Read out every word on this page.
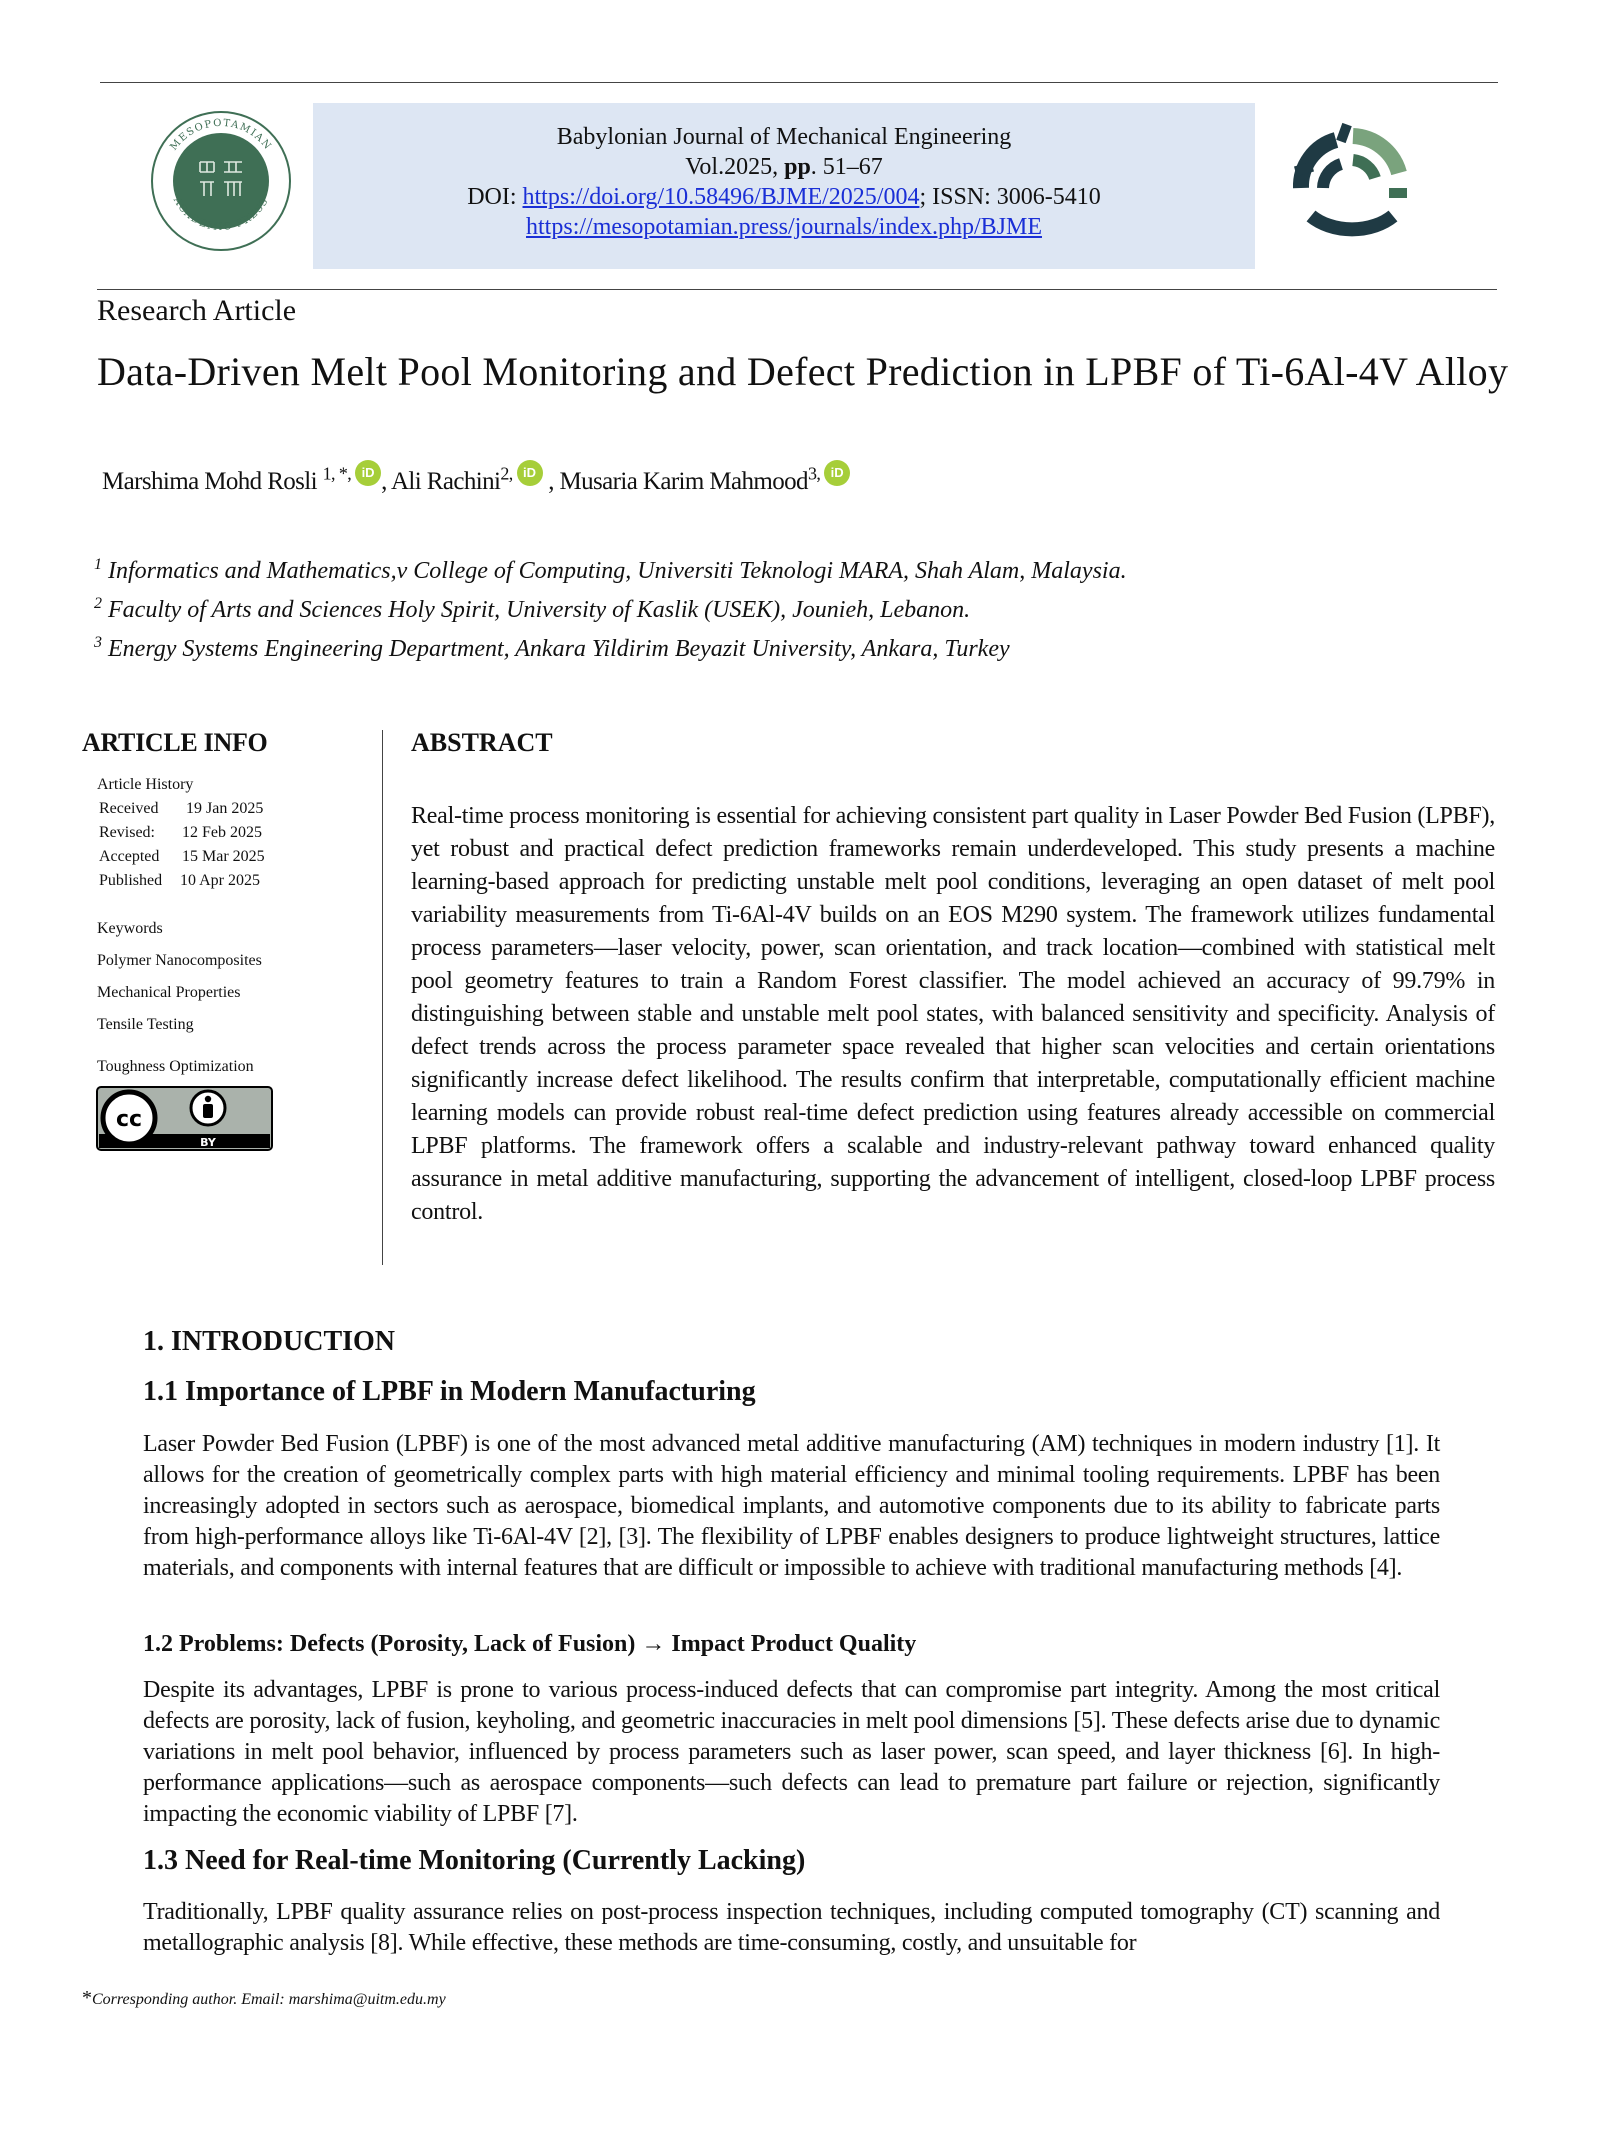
MESOPOTAMIAN
ACADEMIC PRESS
Babylonian Journal of Mechanical Engineering
Vol.2025, pp. 51–67
DOI: https://doi.org/10.58496/BJME/2025/004; ISSN: 3006-5410
https://mesopotamian.press/journals/index.php/BJME
Research Article
Data-Driven Melt Pool Monitoring and Defect Prediction in LPBF of Ti-6Al-4V Alloy
Marshima Mohd Rosli $^{1, *,}$ iD , Ali Rachini$^{2,}$ iD , Musaria Karim Mahmood$^{3,}$ iD
$^1$ Informatics and Mathematics,v College of Computing, Universiti Teknologi MARA, Shah Alam, Malaysia.
$^2$ Faculty of Arts and Sciences Holy Spirit, University of Kaslik (USEK), Jounieh, Lebanon.
$^3$ Energy Systems Engineering Department, Ankara Yildirim Beyazit University, Ankara, Turkey
ARTICLE INFO
Article History
Received 19 Jan 2025
Revised: 12 Feb 2025
Accepted 15 Mar 2025
Published 10 Apr 2025
Keywords
Polymer Nanocomposites
Mechanical Properties
Tensile Testing
Toughness Optimization
cc
BY
ABSTRACT
Real-time process monitoring is essential for achieving consistent part quality in Laser Powder Bed Fusion (LPBF), yet robust and practical defect prediction frameworks remain underdeveloped. This study presents a machine learning-based approach for predicting unstable melt pool conditions, leveraging an open dataset of melt pool variability measurements from Ti-6Al-4V builds on an EOS M290 system. The framework utilizes fundamental process parameters—laser velocity, power, scan orientation, and track location—combined with statistical melt pool geometry features to train a Random Forest classifier. The model achieved an accuracy of 99.79% in distinguishing between stable and unstable melt pool states, with balanced sensitivity and specificity. Analysis of defect trends across the process parameter space revealed that higher scan velocities and certain orientations significantly increase defect likelihood. The results confirm that interpretable, computationally efficient machine learning models can provide robust real-time defect prediction using features already accessible on commercial LPBF platforms. The framework offers a scalable and industry-relevant pathway toward enhanced quality assurance in metal additive manufacturing, supporting the advancement of intelligent, closed-loop LPBF process control.
1. INTRODUCTION
1.1 Importance of LPBF in Modern Manufacturing
Laser Powder Bed Fusion (LPBF) is one of the most advanced metal additive manufacturing (AM) techniques in modern industry [1]. It allows for the creation of geometrically complex parts with high material efficiency and minimal tooling requirements. LPBF has been increasingly adopted in sectors such as aerospace, biomedical implants, and automotive components due to its ability to fabricate parts from high-performance alloys like Ti-6Al-4V [2], [3]. The flexibility of LPBF enables designers to produce lightweight structures, lattice materials, and components with internal features that are difficult or impossible to achieve with traditional manufacturing methods [4].
1.2 Problems: Defects (Porosity, Lack of Fusion) → Impact Product Quality
Despite its advantages, LPBF is prone to various process-induced defects that can compromise part integrity. Among the most critical defects are porosity, lack of fusion, keyholing, and geometric inaccuracies in melt pool dimensions [5]. These defects arise due to dynamic variations in melt pool behavior, influenced by process parameters such as laser power, scan speed, and layer thickness [6]. In high-performance applications—such as aerospace components—such defects can lead to premature part failure or rejection, significantly impacting the economic viability of LPBF [7].
1.3 Need for Real-time Monitoring (Currently Lacking)
Traditionally, LPBF quality assurance relies on post-process inspection techniques, including computed tomography (CT) scanning and metallographic analysis [8]. While effective, these methods are time-consuming, costly, and unsuitable for
*Corresponding author. Email: marshima@uitm.edu.my
